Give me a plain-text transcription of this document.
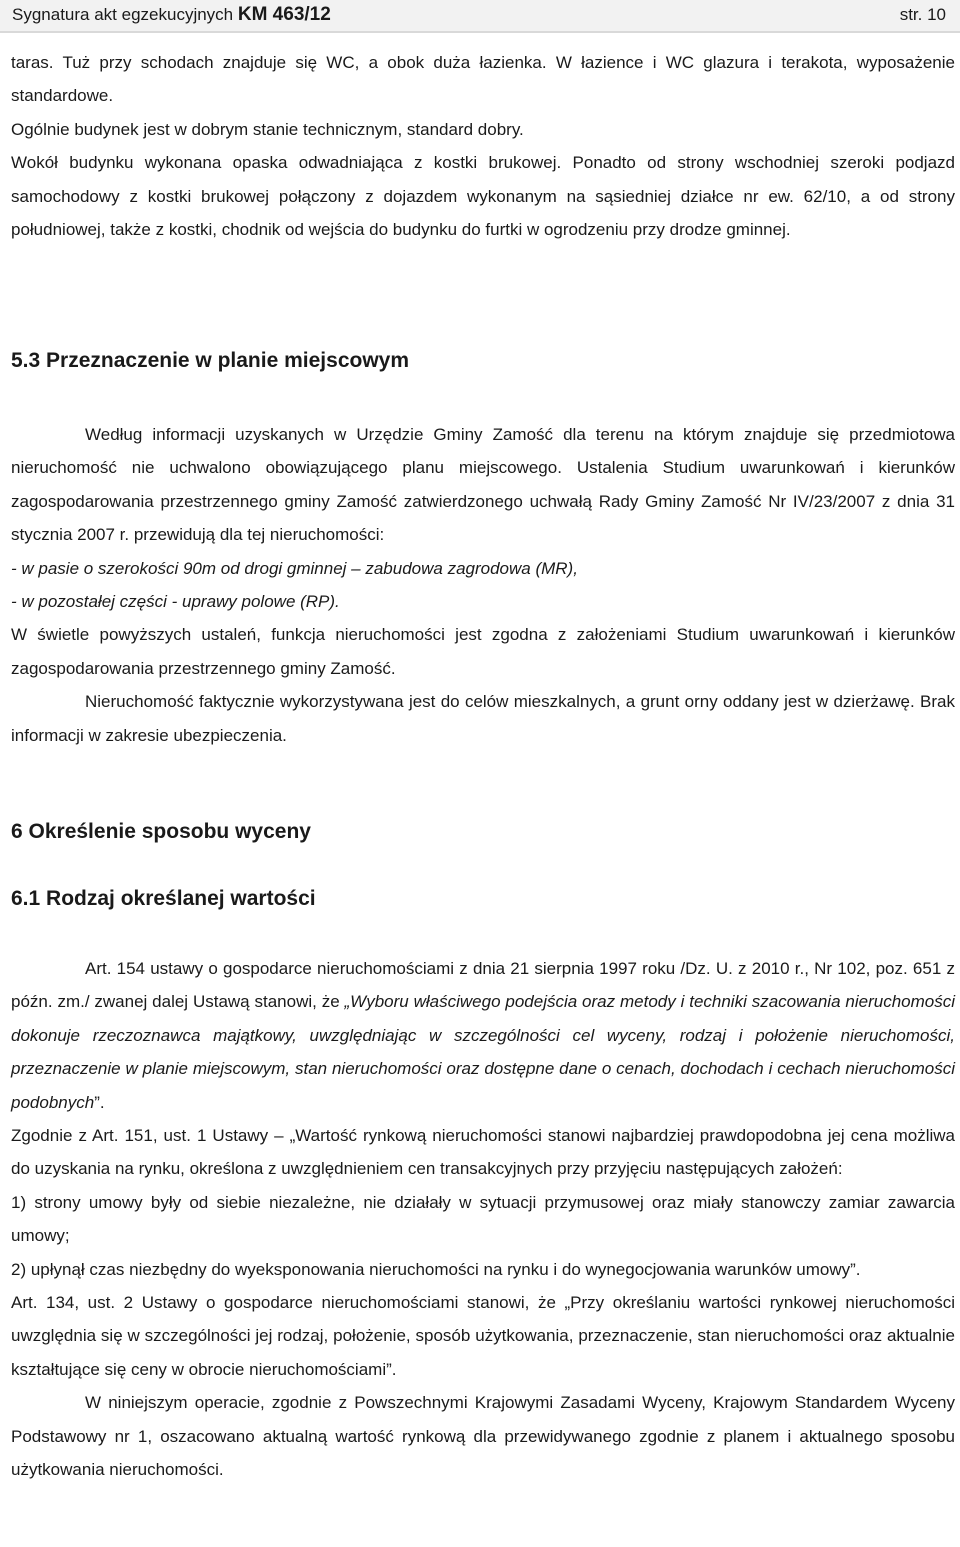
Sygnatura akt egzekucyjnych KM 463/12	str. 10

taras. Tuż przy schodach znajduje się WC, a obok duża łazienka. W łazience i WC glazura i terakota, wyposażenie standardowe.

Ogólnie budynek jest w dobrym stanie technicznym, standard dobry.

Wokół budynku wykonana opaska odwadniająca z kostki brukowej. Ponadto od strony wschodniej szeroki podjazd samochodowy z kostki brukowej połączony z dojazdem wykonanym na sąsiedniej działce nr ew. 62/10, a od strony południowej, także z kostki, chodnik od wejścia do budynku do furtki w ogrodzeniu przy drodze gminnej.

5.3 Przeznaczenie w planie miejscowym

Według informacji uzyskanych w Urzędzie Gminy Zamość dla terenu na którym znajduje się przedmiotowa nieruchomość nie uchwalono obowiązującego planu miejscowego. Ustalenia Studium uwarunkowań i kierunków zagospodarowania przestrzennego gminy Zamość zatwierdzonego uchwałą Rady Gminy Zamość Nr IV/23/2007 z dnia 31 stycznia 2007 r. przewidują dla tej nieruchomości:

- w pasie o szerokości 90m od drogi gminnej – zabudowa zagrodowa (MR),

- w pozostałej części - uprawy polowe (RP).

W świetle powyższych ustaleń, funkcja nieruchomości jest zgodna z założeniami Studium uwarunkowań i kierunków zagospodarowania przestrzennego gminy Zamość.

Nieruchomość faktycznie wykorzystywana jest do celów mieszkalnych, a grunt orny oddany jest w dzierżawę. Brak informacji w zakresie ubezpieczenia.

6 Określenie sposobu wyceny
6.1 Rodzaj określanej wartości

Art. 154 ustawy o gospodarce nieruchomościami z dnia 21 sierpnia 1997 roku /Dz. U. z 2010 r., Nr 102, poz. 651 z późn. zm./ zwanej dalej Ustawą stanowi, że „Wyboru właściwego podejścia oraz metody i techniki szacowania nieruchomości dokonuje rzeczoznawca majątkowy, uwzględniając w szczególności cel wyceny, rodzaj i położenie nieruchomości, przeznaczenie w planie miejscowym, stan nieruchomości oraz dostępne dane o cenach, dochodach i cechach nieruchomości podobnych”.

Zgodnie z Art. 151, ust. 1 Ustawy – „Wartość rynkową nieruchomości stanowi najbardziej prawdopodobna jej cena możliwa do uzyskania na rynku, określona z uwzględnieniem cen transakcyjnych przy przyjęciu następujących założeń:

1) strony umowy były od siebie niezależne, nie działały w sytuacji przymusowej oraz miały stanowczy zamiar zawarcia umowy;

2) upłynął czas niezbędny do wyeksponowania nieruchomości na rynku i do wynegocjowania warunków umowy”.

Art. 134, ust. 2 Ustawy o gospodarce nieruchomościami stanowi, że „Przy określaniu wartości rynkowej nieruchomości uwzględnia się w szczególności jej rodzaj, położenie, sposób użytkowania, przeznaczenie, stan nieruchomości oraz aktualnie kształtujące się ceny w obrocie nieruchomościami”.

W niniejszym operacie, zgodnie z Powszechnymi Krajowymi Zasadami Wyceny, Krajowym Standardem Wyceny Podstawowy nr 1, oszacowano aktualną wartość rynkową dla przewidywanego zgodnie z planem i aktualnego sposobu użytkowania nieruchomości.
